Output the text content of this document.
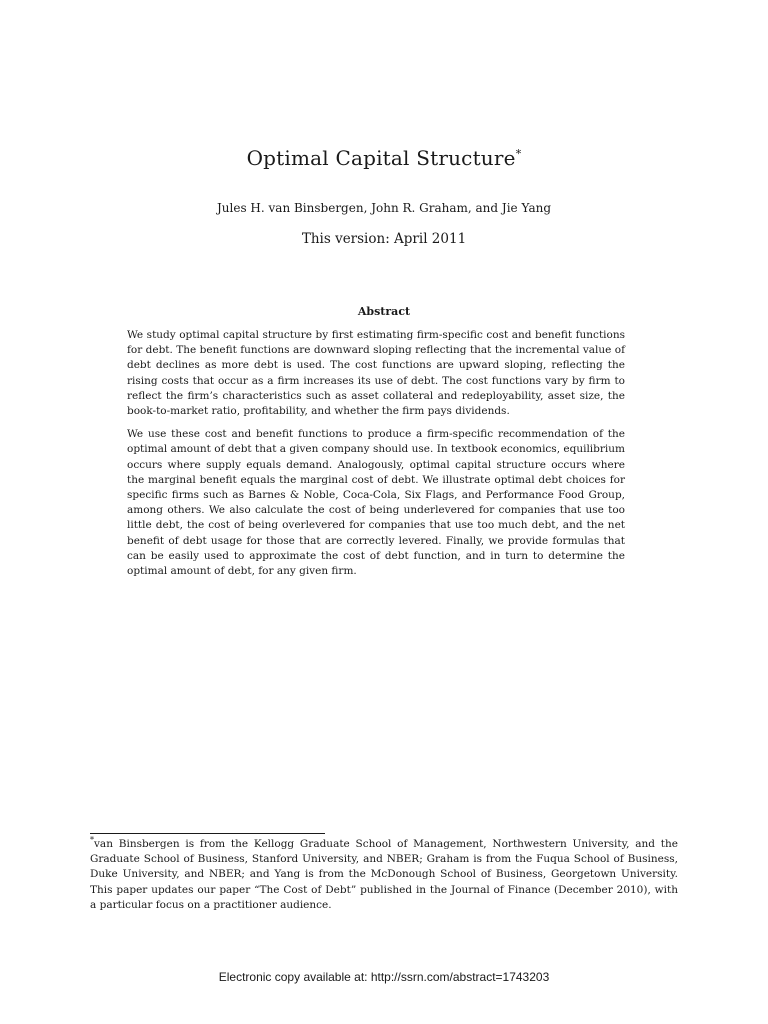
Optimal Capital Structure*
Jules H. van Binsbergen, John R. Graham, and Jie Yang
This version: April 2011
Abstract

We study optimal capital structure by first estimating firm-specific cost and benefit functions for debt. The benefit functions are downward sloping reflecting that the incremental value of debt declines as more debt is used. The cost functions are upward sloping, reflecting the rising costs that occur as a firm increases its use of debt. The cost functions vary by firm to reflect the firm’s characteristics such as asset collateral and redeployability, asset size, the book-to-market ratio, profitability, and whether the firm pays dividends.

We use these cost and benefit functions to produce a firm-specific recommendation of the optimal amount of debt that a given company should use. In textbook economics, equilibrium occurs where supply equals demand. Analogously, optimal capital structure occurs where the marginal benefit equals the marginal cost of debt. We illustrate optimal debt choices for specific firms such as Barnes & Noble, Coca-Cola, Six Flags, and Performance Food Group, among others. We also calculate the cost of being underlevered for companies that use too little debt, the cost of being overlevered for companies that use too much debt, and the net benefit of debt usage for those that are correctly levered. Finally, we provide formulas that can be easily used to approximate the cost of debt function, and in turn to determine the optimal amount of debt, for any given firm.

*van Binsbergen is from the Kellogg Graduate School of Management, Northwestern University, and the Graduate School of Business, Stanford University, and NBER; Graham is from the Fuqua School of Business, Duke University, and NBER; and Yang is from the McDonough School of Business, Georgetown University. This paper updates our paper “The Cost of Debt” published in the Journal of Finance (December 2010), with a particular focus on a practitioner audience.
Electronic copy available at: http://ssrn.com/abstract=1743203
